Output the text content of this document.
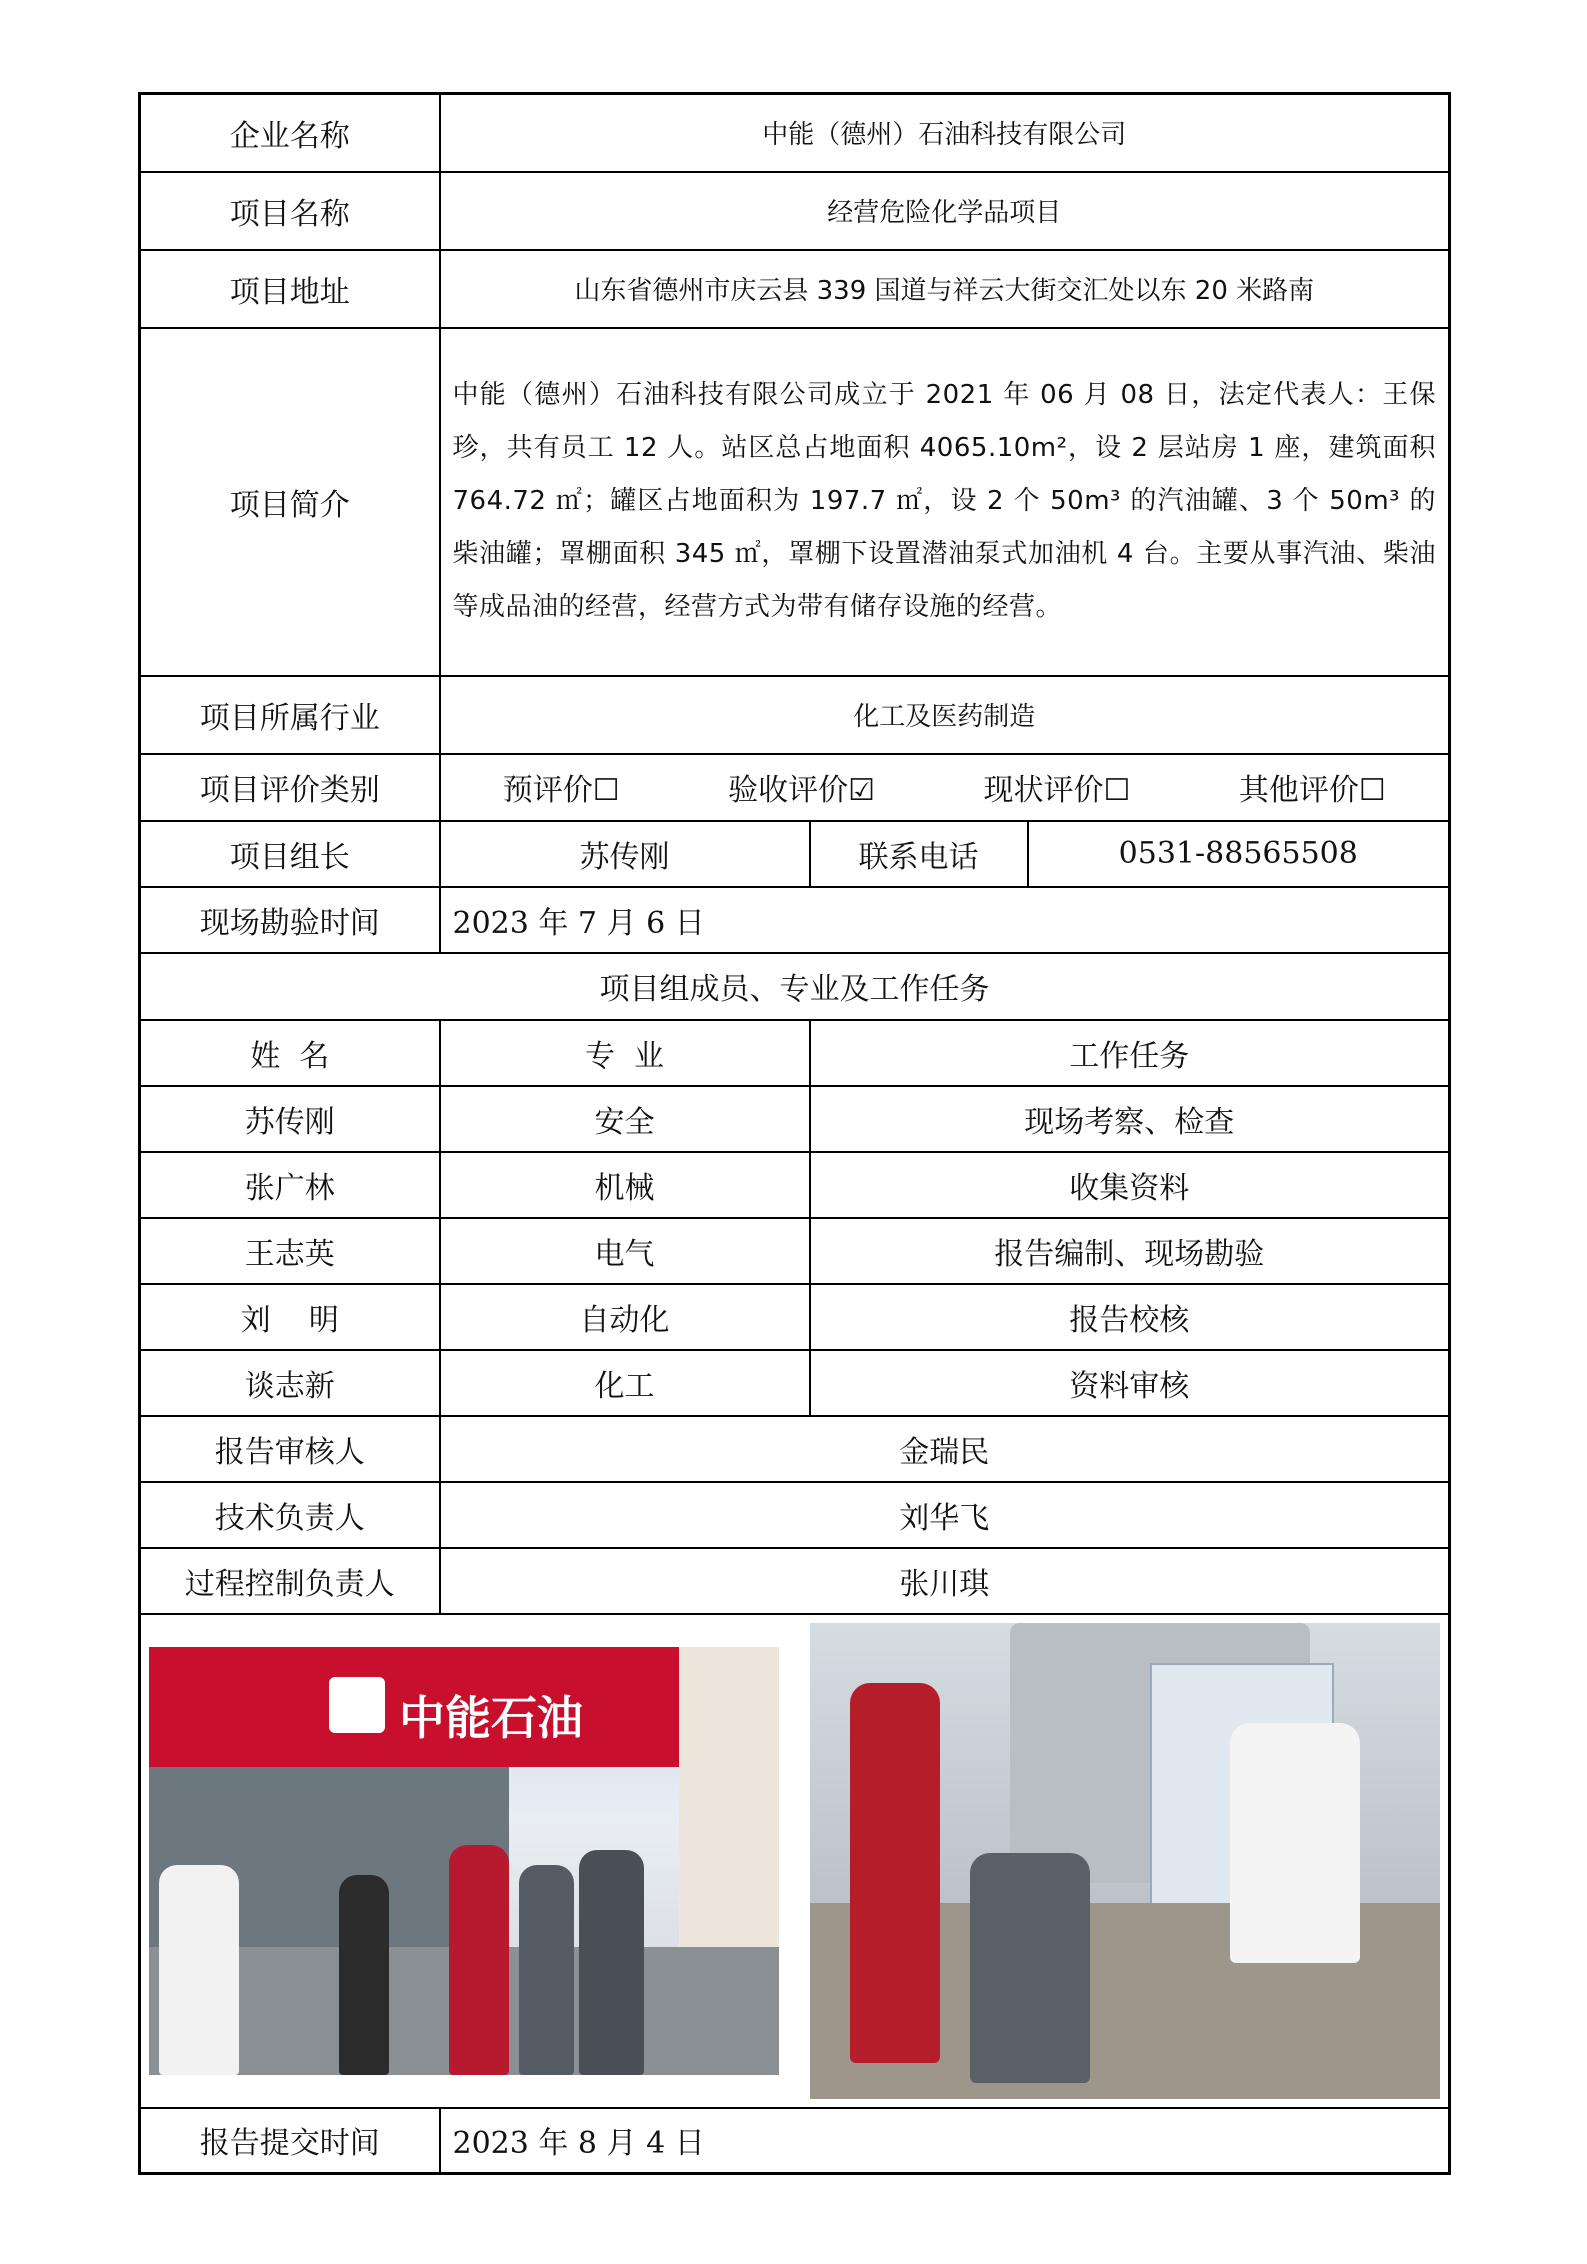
企业名称	中能（德州）石油科技有限公司		
项目名称	经营危险化学品项目		
项目地址	山东省德州市庆云县 339 国道与祥云大街交汇处以东 20 米路南		
项目简介	中能（德州）石油科技有限公司成立于 2021 年 06 月 08 日，法定代表人：王保珍，共有员工 12 人。站区总占地面积 4065.10m²，设 2 层站房 1 座，建筑面积 764.72 ㎡；罐区占地面积为 197.7 ㎡，设 2 个 50m³ 的汽油罐、3 个 50m³ 的柴油罐；罩棚面积 345 ㎡，罩棚下设置潜油泵式加油机 4 台。主要从事汽油、柴油等成品油的经营，经营方式为带有储存设施的经营。		
项目所属行业	化工及医药制造		
项目评价类别	预评价☐ 验收评价☑ 现状评价☐ 其他评价☐		

项目组长	苏传刚	联系电话	0531-88565508
现场勘验时间	2023 年 7 月 6 日		
项目组成员、专业及工作任务			
姓  名	专  业	工作任务	
苏传刚	安全	现场考察、检查	
张广林	机械	收集资料	
王志英	电气	报告编制、现场勘验	
刘    明	自动化	报告校核	
谈志新	化工	资料审核	
报告审核人	金瑞民		
技术负责人	刘华飞		
过程控制负责人	张川琪		

中能石油			

报告提交时间	2023 年 8 月 4 日		
